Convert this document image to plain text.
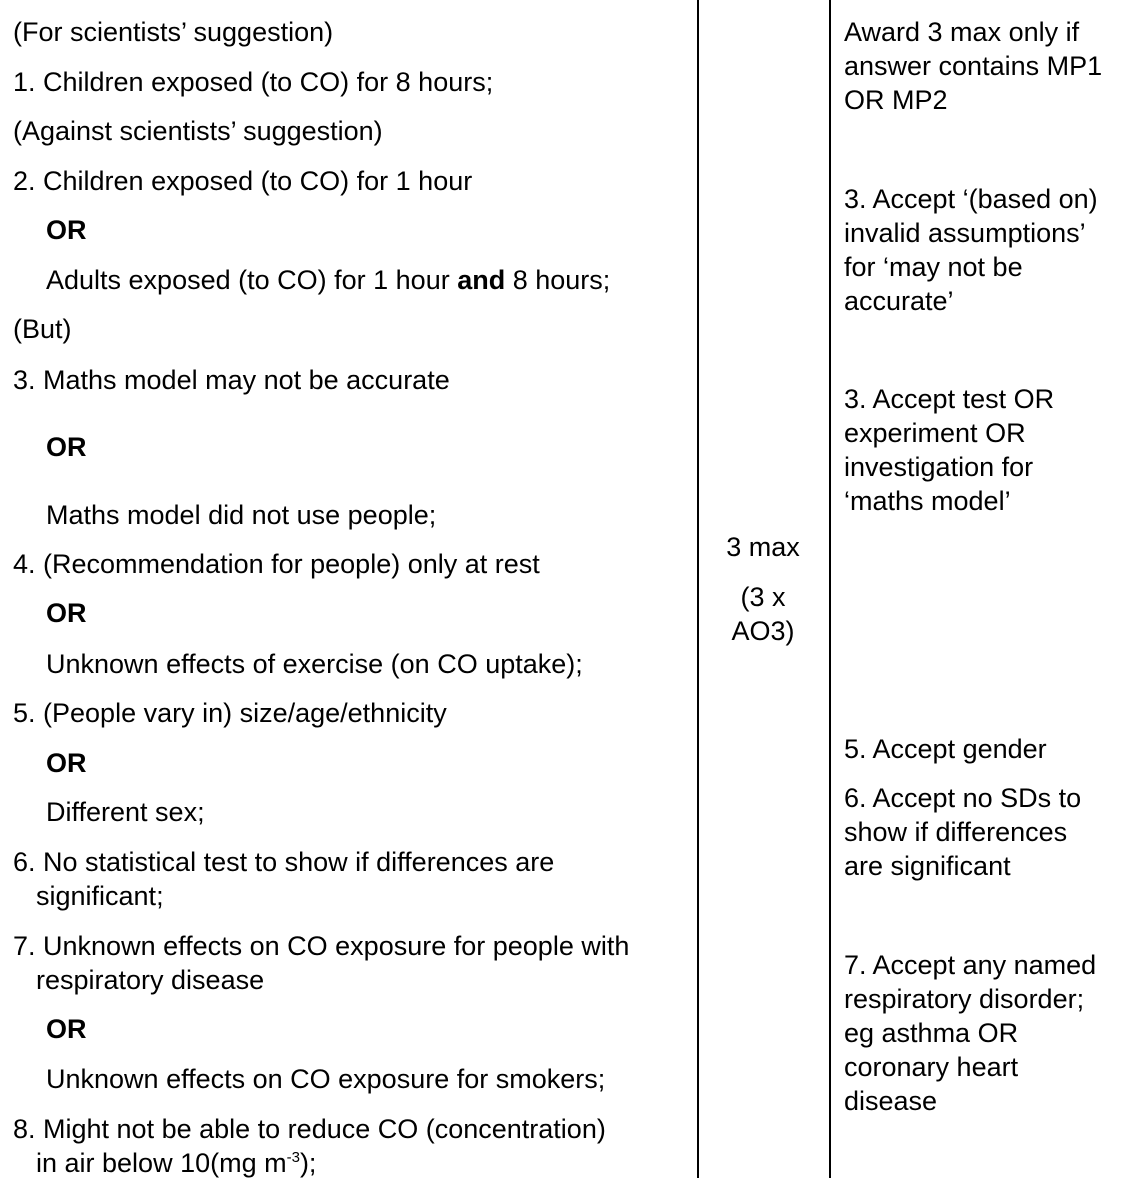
(For scientists’ suggestion)
1. Children exposed (to CO) for 8 hours;
(Against scientists’ suggestion)
2. Children exposed (to CO) for 1 hour
OR
Adults exposed (to CO) for 1 hour and 8 hours;
(But)
3. Maths model may not be accurate
OR
Maths model did not use people;
4. (Recommendation for people) only at rest
OR
Unknown effects of exercise (on CO uptake);
5. (People vary in) size/age/ethnicity
OR
Different sex;
6. No statistical test to show if differences are
significant;
7. Unknown effects on CO exposure for people with
respiratory disease
OR
Unknown effects on CO exposure for smokers;
8. Might not be able to reduce CO (concentration)
in air below 10(mg $m^{-3}$);
3 max
(3 x
AO3)
Award 3 max only if
answer contains MP1
OR MP2
3. Accept ‘(based on)
invalid assumptions’
for ‘may not be
accurate’
3. Accept test OR
experiment OR
investigation for
‘maths model’
5. Accept gender
6. Accept no SDs to
show if differences
are significant
7. Accept any named
respiratory disorder;
eg asthma OR
coronary heart
disease
